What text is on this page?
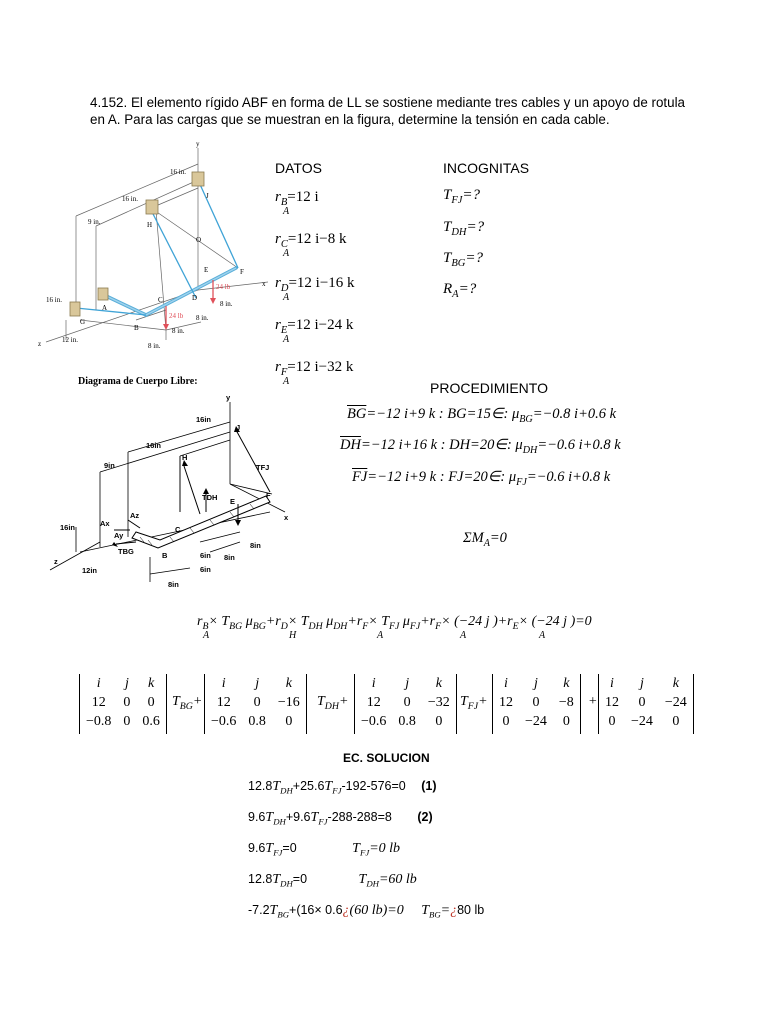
4.152. El elemento rígido ABF en forma de LL se sostiene mediante tres cables y un apoyo de rotula en A. Para las cargas que se muestran en la figura, determine la tensión en cada cable.
y
x
z
16 in.
16 in.
9 in.
16 in.
12 in.
8 in.
8 in.
8 in.
8 in.
24 lb
24 lb
J
H
O
E	F
A
C	D
B
G
Diagrama de Cuerpo Libre:
y
x
z
16in
16in
9in
16in
12in
8in
6in
8in
6in
8in
J
H
E
F
C
B
TFJ
TDH
TBG
Ax
Az
Ay
DATOS
$r_B=12$ i
A
$r_C=12$ i−8 k
A
$r_D=12$ i−16 k
A
$r_E=12$ i−24 k
A
$r_F=12$ i−32 k
A
INCOGNITAS
$T_{FJ}=$?
$T_{DH}=$?
$T_{BG}=$?
$R_A=$?
PROCEDIMIENTO
$\overline{BG}=-12$ i+9 k : BG=15∈: $\mu_{BG}=-0.8$ i+0.6 k
$\overline{DH}=-12$ i+16 k : DH=20∈: $\mu_{DH}=-0.6$ i+0.8 k
$\overline{FJ}=-12$ i+9 k : FJ=20∈: $\mu_{FJ}=-0.6$ i+0.8 k
$\Sigma M_A=0$
$r_B\times T_{BG}$ $\mu_{BG}+r_D\times T_{DH}$ $\mu_{DH}+r_F\times T_{FJ}$ $\mu_{FJ}+r_F\times (-24$ j )$+r_E\times (-24$ j )=0
A	H	A	A	A
i	j	k
12	0	0
−0.8	0	0.6
$T_{BG}+$
i	j	k
12	0	−16
−0.6	0.8	0
$T_{DH}+$
i	j	k
12	0	−32
−0.6	0.8	0
$T_{FJ}+$
i	j	k
12	0	−8
0	−24	0
+
i	j	k
12	0	−24
0	−24	0
EC. SOLUCION
$12.8T_{DH}+25.6T_{FJ}-192-576=0$ (1)
$9.6T_{DH}+9.6T_{FJ}-288-288=8$ (2)
$9.6T_{FJ}=0$	$T_{FJ}=0$ lb
$12.8T_{DH}=0$	$T_{DH}=60$ lb
$-7.2T_{BG}+(16\times$ 0.6¿(60 lb)=0 $T_{BG}=¿80$ lb
